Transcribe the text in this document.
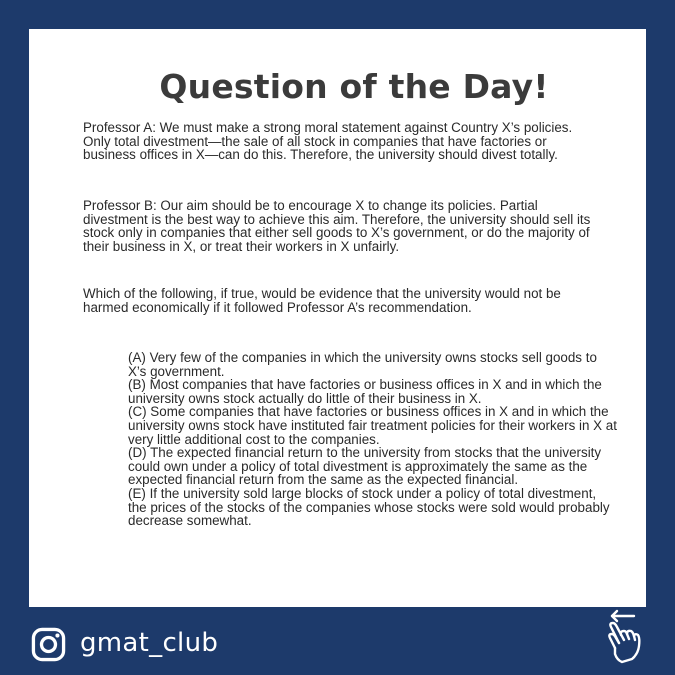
Question of the Day!

Professor A: We must make a strong moral statement against Country X’s policies. Only total divestment—the sale of all stock in companies that have factories or business offices in X—can do this. Therefore, the university should divest totally.

Professor B: Our aim should be to encourage X to change its policies. Partial divestment is the best way to achieve this aim. Therefore, the university should sell its stock only in companies that either sell goods to X’s government, or do the majority of their business in X, or treat their workers in X unfairly.

Which of the following, if true, would be evidence that the university would not be harmed economically if it followed Professor A’s recommendation.

(A) Very few of the companies in which the university owns stocks sell goods to X’s government.
(B) Most companies that have factories or business offices in X and in which the university owns stock actually do little of their business in X.
(C) Some companies that have factories or business offices in X and in which the university owns stock have instituted fair treatment policies for their workers in X at very little additional cost to the companies.
(D) The expected financial return to the university from stocks that the university could own under a policy of total divestment is approximately the same as the expected financial return from the same as the expected financial.
(E) If the university sold large blocks of stock under a policy of total divestment, the prices of the stocks of the companies whose stocks were sold would probably decrease somewhat.
gmat_club
